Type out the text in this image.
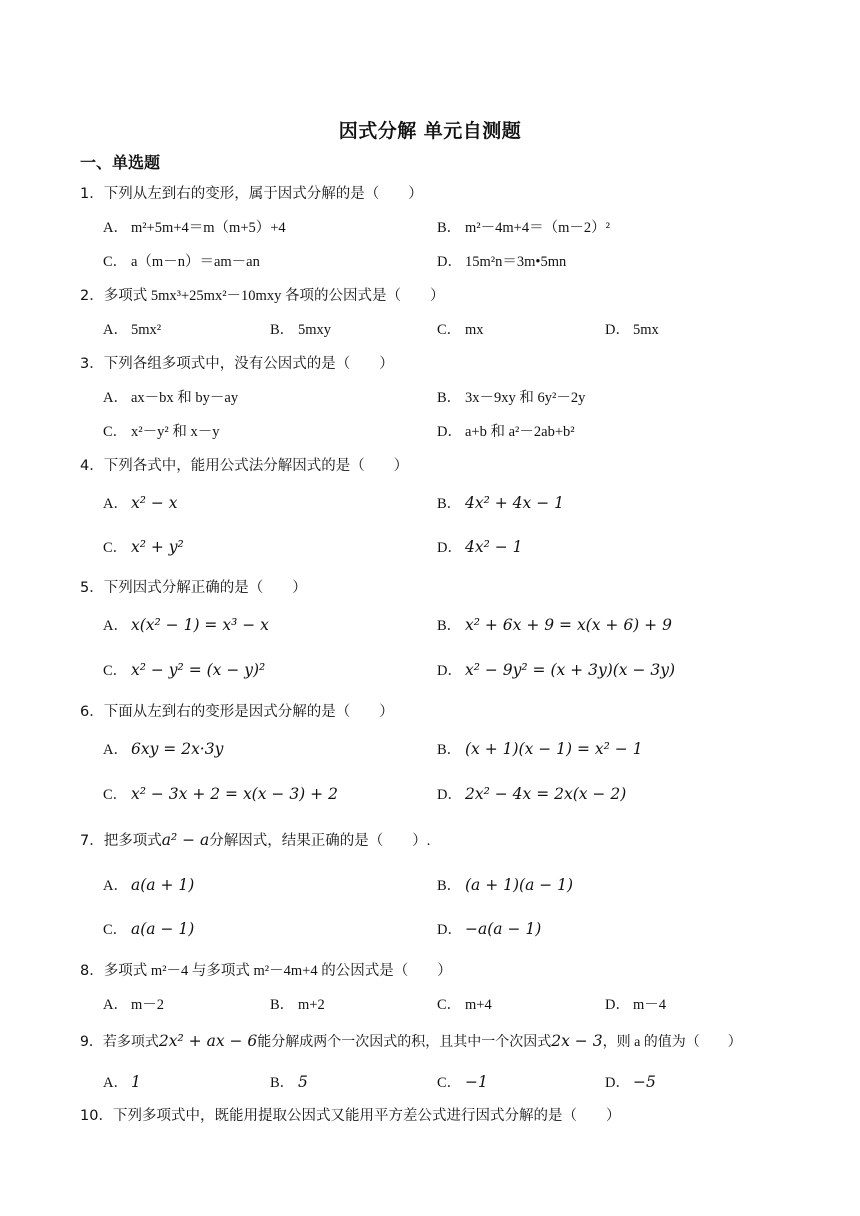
因式分解 单元自测题
一、单选题
1．下列从左到右的变形，属于因式分解的是（　　）
A． m²+5m+4＝m（m+5）+4	B． m²－4m+4＝（m－2）²
C． a（m－n）＝am－an	D． 15m²n＝3m•5mn
2．多项式 5mx³+25mx²－10mxy 各项的公因式是（　　）
A． 5mx²	B． 5mxy	C． mx	D． 5mx
3．下列各组多项式中，没有公因式的是（　　）
A． ax－bx 和 by－ay	B． 3x－9xy 和 6y²－2y
C． x²－y² 和 x－y	D． a+b 和 a²－2ab+b²
4．下列各式中，能用公式法分解因式的是（　　）
A． x² − x	B． 4x² + 4x − 1
C． x² + y²	D． 4x² − 1
5．下列因式分解正确的是（　　）
A． x(x² − 1) = x³ − x	B． x² + 6x + 9 = x(x + 6) + 9
C． x² − y² = (x − y)²	D． x² − 9y² = (x + 3y)(x − 3y)
6．下面从左到右的变形是因式分解的是（　　）
A． 6xy = 2x·3y	B． (x + 1)(x − 1) = x² − 1
C． x² − 3x + 2 = x(x − 3) + 2	D． 2x² − 4x = 2x(x − 2)
7．把多项式a² − a分解因式，结果正确的是（　　）.
A． a(a + 1)	B． (a + 1)(a − 1)
C． a(a − 1)	D． −a(a − 1)
8．多项式 m²－4 与多项式 m²－4m+4 的公因式是（　　）
A． m－2	B． m+2	C． m+4	D． m－4
9．若多项式2x² + ax − 6能分解成两个一次因式的积，且其中一个次因式2x − 3，则 a 的值为（　　）
A． 1	B． 5	C． −1	D． −5
10．下列多项式中，既能用提取公因式又能用平方差公式进行因式分解的是（　　）
